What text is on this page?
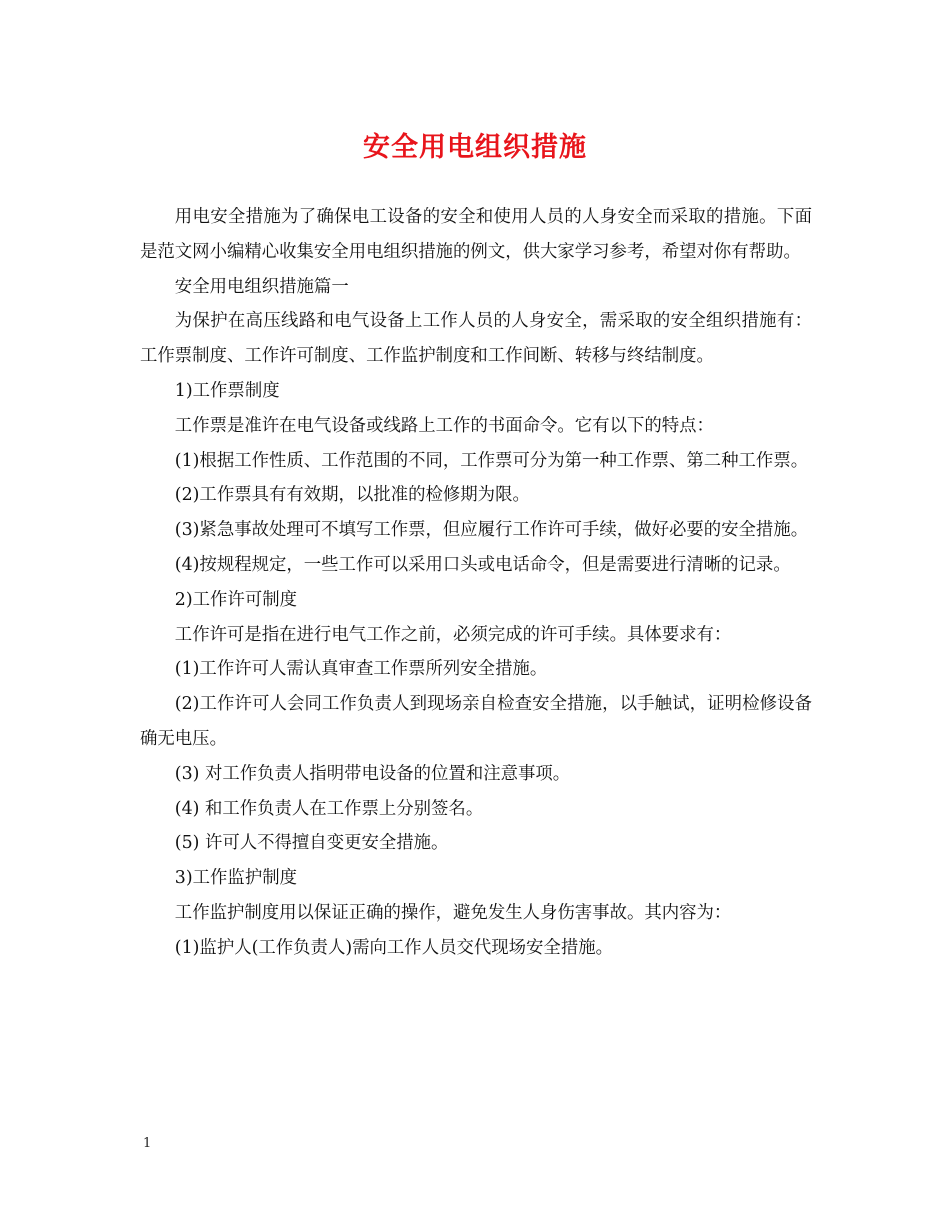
安全用电组织措施

用电安全措施为了确保电工设备的安全和使用人员的人身安全而采取的措施。下面是范文网小编精心收集安全用电组织措施的例文，供大家学习参考，希望对你有帮助。

安全用电组织措施篇一

为保护在高压线路和电气设备上工作人员的人身安全，需采取的安全组织措施有：工作票制度、工作许可制度、工作监护制度和工作间断、转移与终结制度。

1)工作票制度

工作票是准许在电气设备或线路上工作的书面命令。它有以下的特点：

(1)根据工作性质、工作范围的不同，工作票可分为第一种工作票、第二种工作票。

(2)工作票具有有效期，以批准的检修期为限。

(3)紧急事故处理可不填写工作票，但应履行工作许可手续，做好必要的安全措施。

(4)按规程规定，一些工作可以采用口头或电话命令，但是需要进行清晰的记录。

2)工作许可制度

工作许可是指在进行电气工作之前，必须完成的许可手续。具体要求有：

(1)工作许可人需认真审查工作票所列安全措施。

(2)工作许可人会同工作负责人到现场亲自检查安全措施，以手触试，证明检修设备确无电压。

(3) 对工作负责人指明带电设备的位置和注意事项。

(4) 和工作负责人在工作票上分别签名。

(5) 许可人不得擅自变更安全措施。

3)工作监护制度

工作监护制度用以保证正确的操作，避免发生人身伤害事故。其内容为：

(1)监护人(工作负责人)需向工作人员交代现场安全措施。

1
